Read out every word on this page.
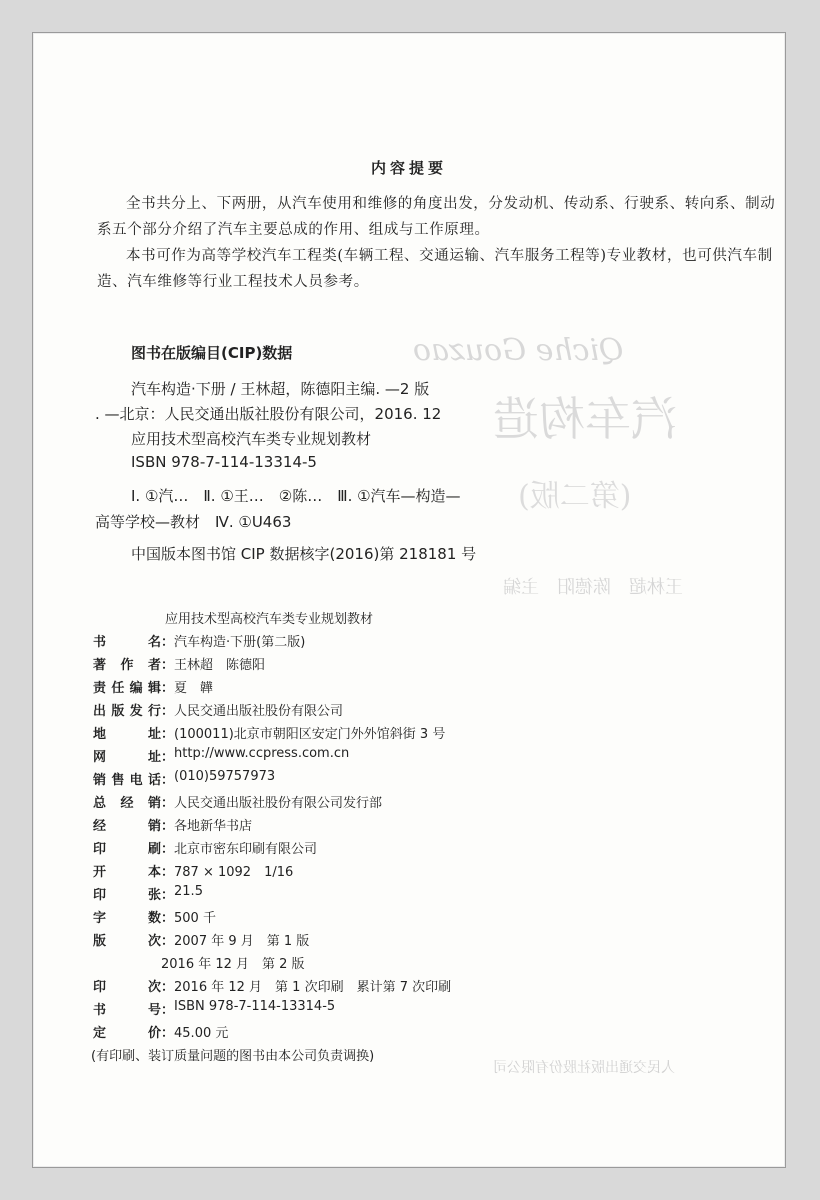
Qiche Gouzao
汽车构造
(第二版)
王林超　陈德阳　主编
人民交通出版社股份有限公司
内容提要

全书共分上、下两册，从汽车使用和维修的角度出发，分发动机、传动系、行驶系、转向系、制动系五个部分介绍了汽车主要总成的作用、组成与工作原理。

本书可作为高等学校汽车工程类(车辆工程、交通运输、汽车服务工程等)专业教材，也可供汽车制造、汽车维修等行业工程技术人员参考。

图书在版编目(CIP)数据
汽车构造·下册 / 王林超，陈德阳主编. —2 版
. —北京：人民交通出版社股份有限公司，2016. 12
应用技术型高校汽车类专业规划教材
ISBN 978-7-114-13314-5
Ⅰ. ①汽…　Ⅱ. ①王…　②陈…　Ⅲ. ①汽车—构造—
高等学校—教材　Ⅳ. ①U463
中国版本图书馆 CIP 数据核字(2016)第 218181 号
应用技术型高校汽车类专业规划教材
书名 ： 汽车构造·下册(第二版)
著作者 ： 王林超　陈德阳
责任编辑 ： 夏　韡
出版发行 ： 人民交通出版社股份有限公司
地址 ： (100011)北京市朝阳区安定门外外馆斜街 3 号
网址 ： http://www.ccpress.com.cn
销售电话 ： (010)59757973
总经销 ： 人民交通出版社股份有限公司发行部
经销 ： 各地新华书店
印刷 ： 北京市密东印刷有限公司
开本 ： 787 × 1092　1/16
印张 ： 21.5
字数 ： 500 千
版次 ： 2007 年 9 月　第 1 版
2016 年 12 月　第 2 版
印次 ： 2016 年 12 月　第 1 次印刷　累计第 7 次印刷
书号 ： ISBN 978-7-114-13314-5
定价 ： 45.00 元
(有印刷、装订质量问题的图书由本公司负责调换)
